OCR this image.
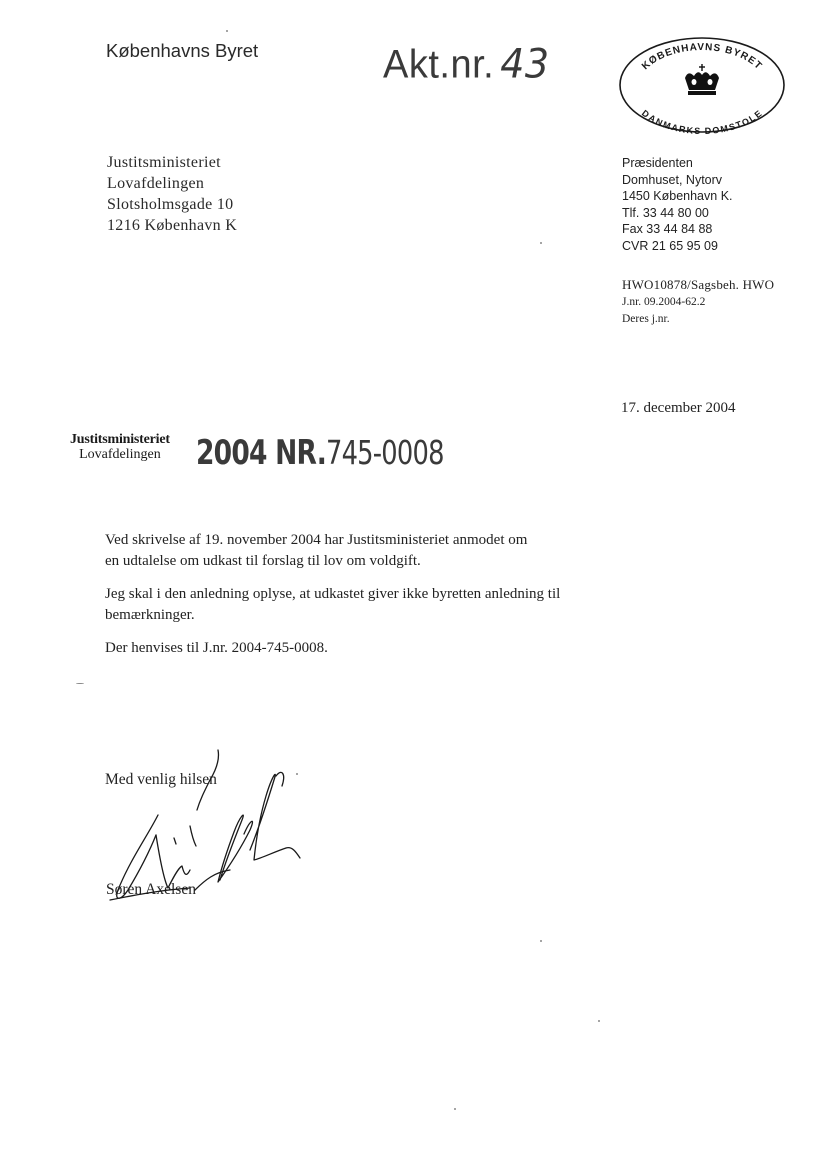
Københavns Byret	Akt.nr. 43	KØBENHAVNS BYRET
DANMARKS DOMSTOLE
Justitsministeriet
Lovafdelingen
Slotsholmsgade 10
1216 København K
Præsidenten
Domhuset, Nytorv
1450 København K.
Tlf. 33 44 80 00
Fax 33 44 84 88
CVR 21 65 95 09
HWO10878/Sagsbeh. HWO
J.nr. 09.2004-62.2
Deres j.nr.
17. december 2004
Justitsministeriet
Lovafdelingen 2004 NR.745-0008
Ved skrivelse af 19. november 2004 har Justitsministeriet anmodet om
en udtalelse om udkast til forslag til lov om voldgift.
Jeg skal i den anledning oplyse, at udkastet giver ikke byretten anledning til
bemærkninger.
Der henvises til J.nr. 2004-745-0008.
Med venlig hilsen
Søren Axelsen
